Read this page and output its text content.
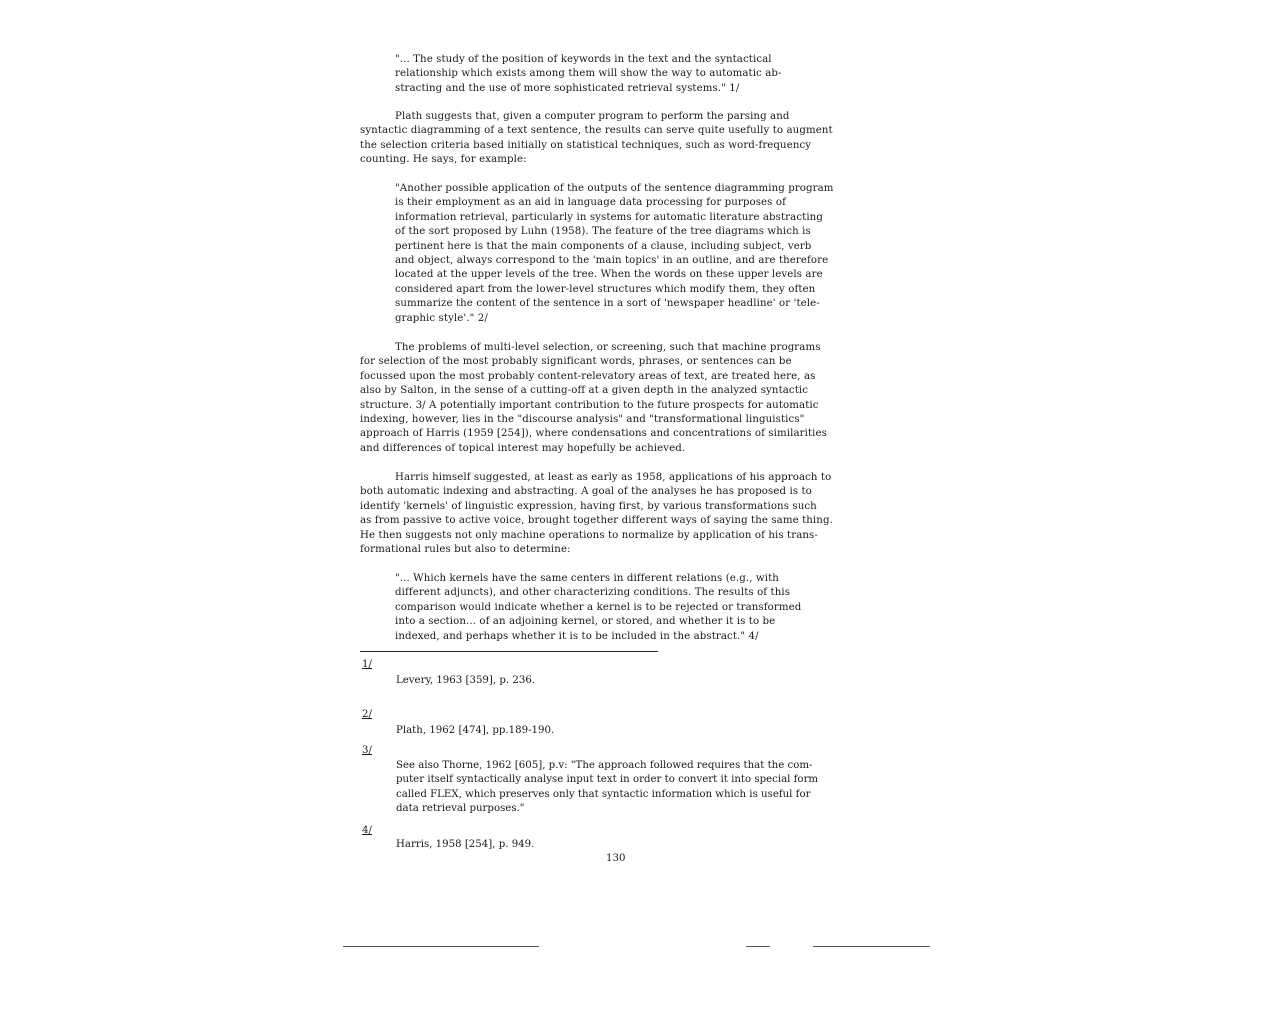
"... The study of the position of keywords in the text and the syntactical
relationship which exists among them will show the way to automatic ab-
stracting and the use of more sophisticated retrieval systems." 1/
Plath suggests that, given a computer program to perform the parsing and
syntactic diagramming of a text sentence, the results can serve quite usefully to augment
the selection criteria based initially on statistical techniques, such as word-frequency
counting. He says, for example:
"Another possible application of the outputs of the sentence diagramming program
is their employment as an aid in language data processing for purposes of
information retrieval, particularly in systems for automatic literature abstracting
of the sort proposed by Luhn (1958). The feature of the tree diagrams which is
pertinent here is that the main components of a clause, including subject, verb
and object, always correspond to the 'main topics' in an outline, and are therefore
located at the upper levels of the tree. When the words on these upper levels are
considered apart from the lower-level structures which modify them, they often
summarize the content of the sentence in a sort of 'newspaper headline' or 'tele-
graphic style'." 2/
The problems of multi-level selection, or screening, such that machine programs
for selection of the most probably significant words, phrases, or sentences can be
focussed upon the most probably content-relevatory areas of text, are treated here, as
also by Salton, in the sense of a cutting-off at a given depth in the analyzed syntactic
structure. 3/ A potentially important contribution to the future prospects for automatic
indexing, however, lies in the "discourse analysis" and "transformational linguistics"
approach of Harris (1959 [254]), where condensations and concentrations of similarities
and differences of topical interest may hopefully be achieved.
Harris himself suggested, at least as early as 1958, applications of his approach to
both automatic indexing and abstracting. A goal of the analyses he has proposed is to
identify 'kernels' of linguistic expression, having first, by various transformations such
as from passive to active voice, brought together different ways of saying the same thing.
He then suggests not only machine operations to normalize by application of his trans-
formational rules but also to determine:
"... Which kernels have the same centers in different relations (e.g., with
different adjuncts), and other characterizing conditions. The results of this
comparison would indicate whether a kernel is to be rejected or transformed
into a section... of an adjoining kernel, or stored, and whether it is to be
indexed, and perhaps whether it is to be included in the abstract." 4/
1/
Levery, 1963 [359], p. 236.
2/
Plath, 1962 [474], pp.189-190.
3/
See also Thorne, 1962 [605], p.v: "The approach followed requires that the com-
puter itself syntactically analyse input text in order to convert it into special form
called FLEX, which preserves only that syntactic information which is useful for
data retrieval purposes."
4/
Harris, 1958 [254], p. 949.
130
